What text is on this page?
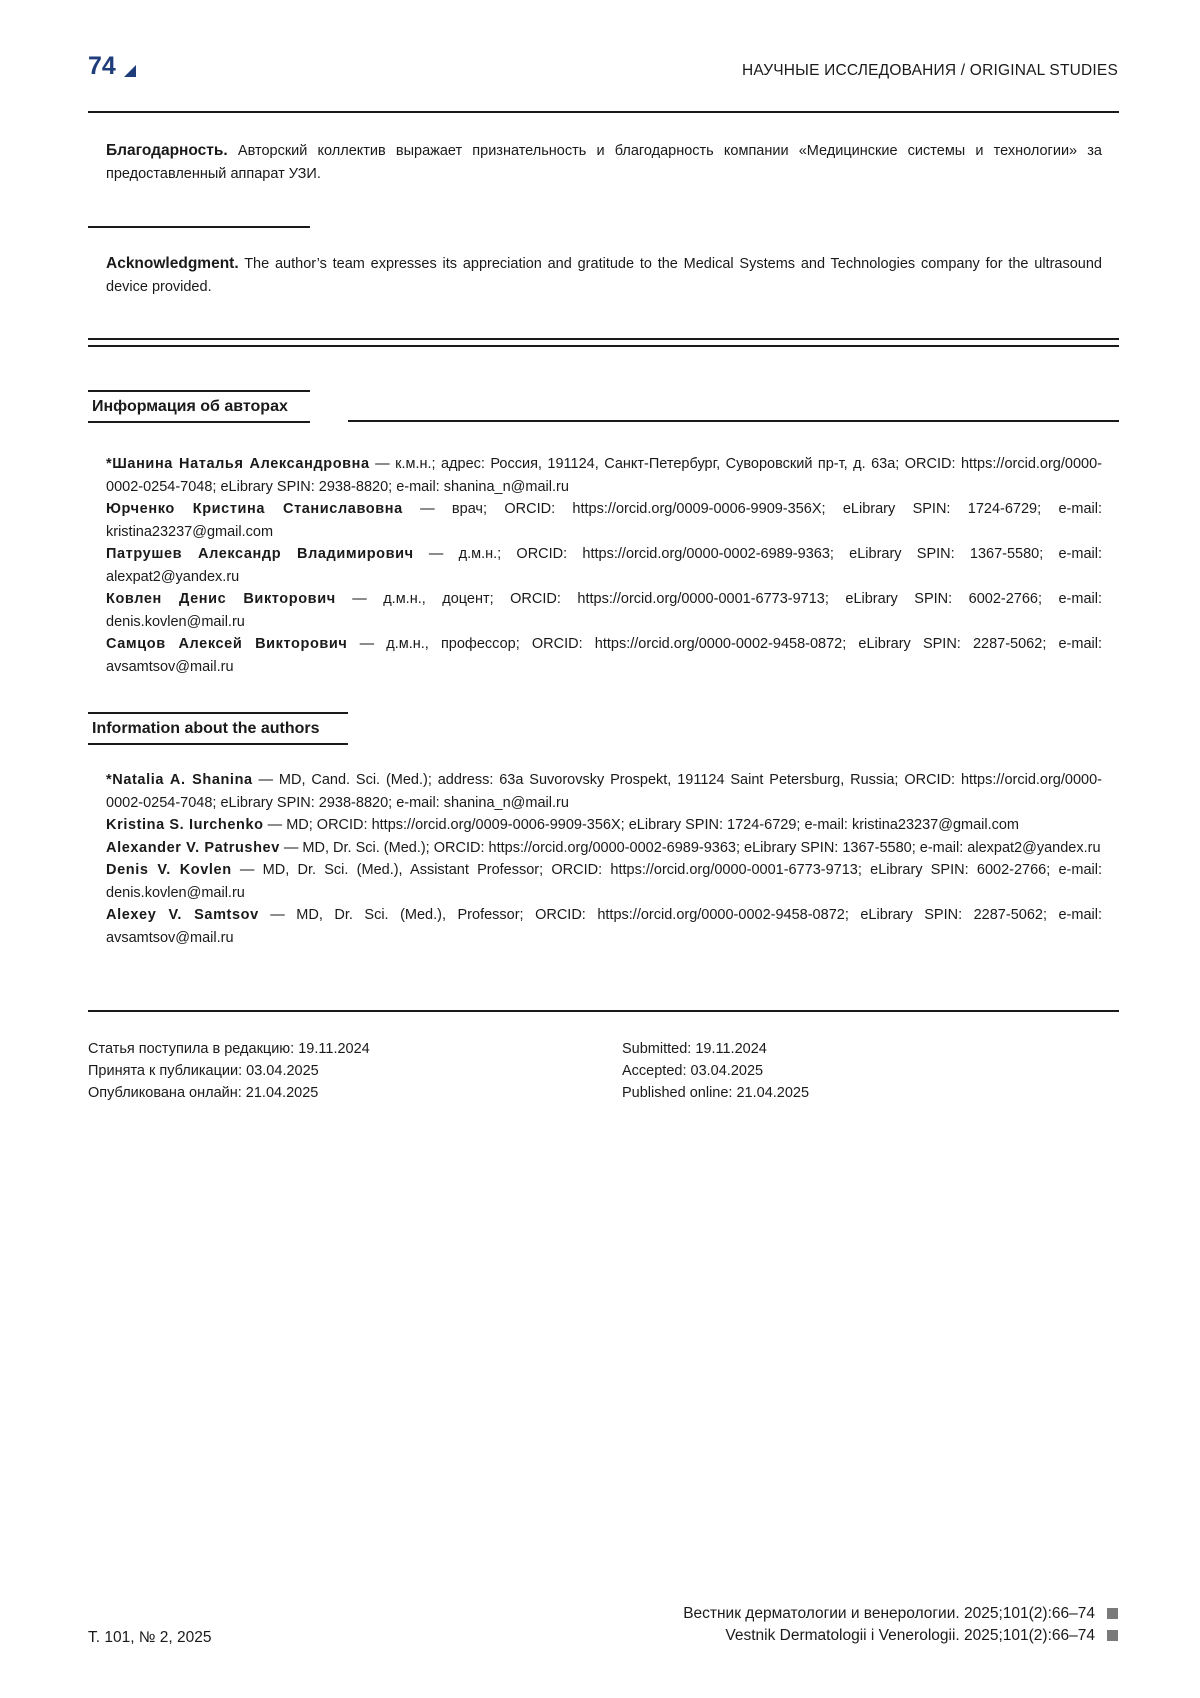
74	НАУЧНЫЕ ИССЛЕДОВАНИЯ / ORIGINAL STUDIES
Благодарность. Авторский коллектив выражает признательность и благодарность компании «Медицинские системы и технологии» за предоставленный аппарат УЗИ.
Acknowledgment. The author’s team expresses its appreciation and gratitude to the Medical Systems and Technologies company for the ultrasound device provided.
Информация об авторах

*Шанина Наталья Александровна — к.м.н.; адрес: Россия, 191124, Санкт-Петербург, Суворовский пр-т, д. 63а; ORCID: https://orcid.org/0000-0002-0254-7048; eLibrary SPIN: 2938-8820; e-mail: shanina_n@mail.ru

Юрченко Кристина Станиславовна — врач; ORCID: https://orcid.org/0009-0006-9909-356X; eLibrary SPIN: 1724-6729; e-mail: kristina23237@gmail.com

Патрушев Александр Владимирович — д.м.н.; ORCID: https://orcid.org/0000-0002-6989-9363; eLibrary SPIN: 1367-5580; e-mail: alexpat2@yandex.ru

Ковлен Денис Викторович — д.м.н., доцент; ORCID: https://orcid.org/0000-0001-6773-9713; eLibrary SPIN: 6002-2766; e-mail: denis.kovlen@mail.ru

Самцов Алексей Викторович — д.м.н., профессор; ORCID: https://orcid.org/0000-0002-9458-0872; eLibrary SPIN: 2287-5062; e-mail: avsamtsov@mail.ru

Information about the authors

*Natalia A. Shanina — MD, Cand. Sci. (Med.); address: 63a Suvorovsky Prospekt, 191124 Saint Petersburg, Russia; ORCID: https://orcid.org/0000-0002-0254-7048; eLibrary SPIN: 2938-8820; e-mail: shanina_n@mail.ru

Kristina S. Iurchenko — MD; ORCID: https://orcid.org/0009-0006-9909-356X; eLibrary SPIN: 1724-6729; e-mail: kristina23237@gmail.com

Alexander V. Patrushev — MD, Dr. Sci. (Med.); ORCID: https://orcid.org/0000-0002-6989-9363; eLibrary SPIN: 1367-5580; e-mail: alexpat2@yandex.ru

Denis V. Kovlen — MD, Dr. Sci. (Med.), Assistant Professor; ORCID: https://orcid.org/0000-0001-6773-9713; eLibrary SPIN: 6002-2766; e-mail: denis.kovlen@mail.ru

Alexey V. Samtsov — MD, Dr. Sci. (Med.), Professor; ORCID: https://orcid.org/0000-0002-9458-0872; eLibrary SPIN: 2287-5062; e-mail: avsamtsov@mail.ru

Статья поступила в редакцию: 19.11.2024
Принята к публикации: 03.04.2025
Опубликована онлайн: 21.04.2025
Submitted: 19.11.2024
Accepted: 03.04.2025
Published online: 21.04.2025
Т. 101, № 2, 2025
Вестник дерматологии и венерологии. 2025;101(2):66–74
Vestnik Dermatologii i Venerologii. 2025;101(2):66–74
